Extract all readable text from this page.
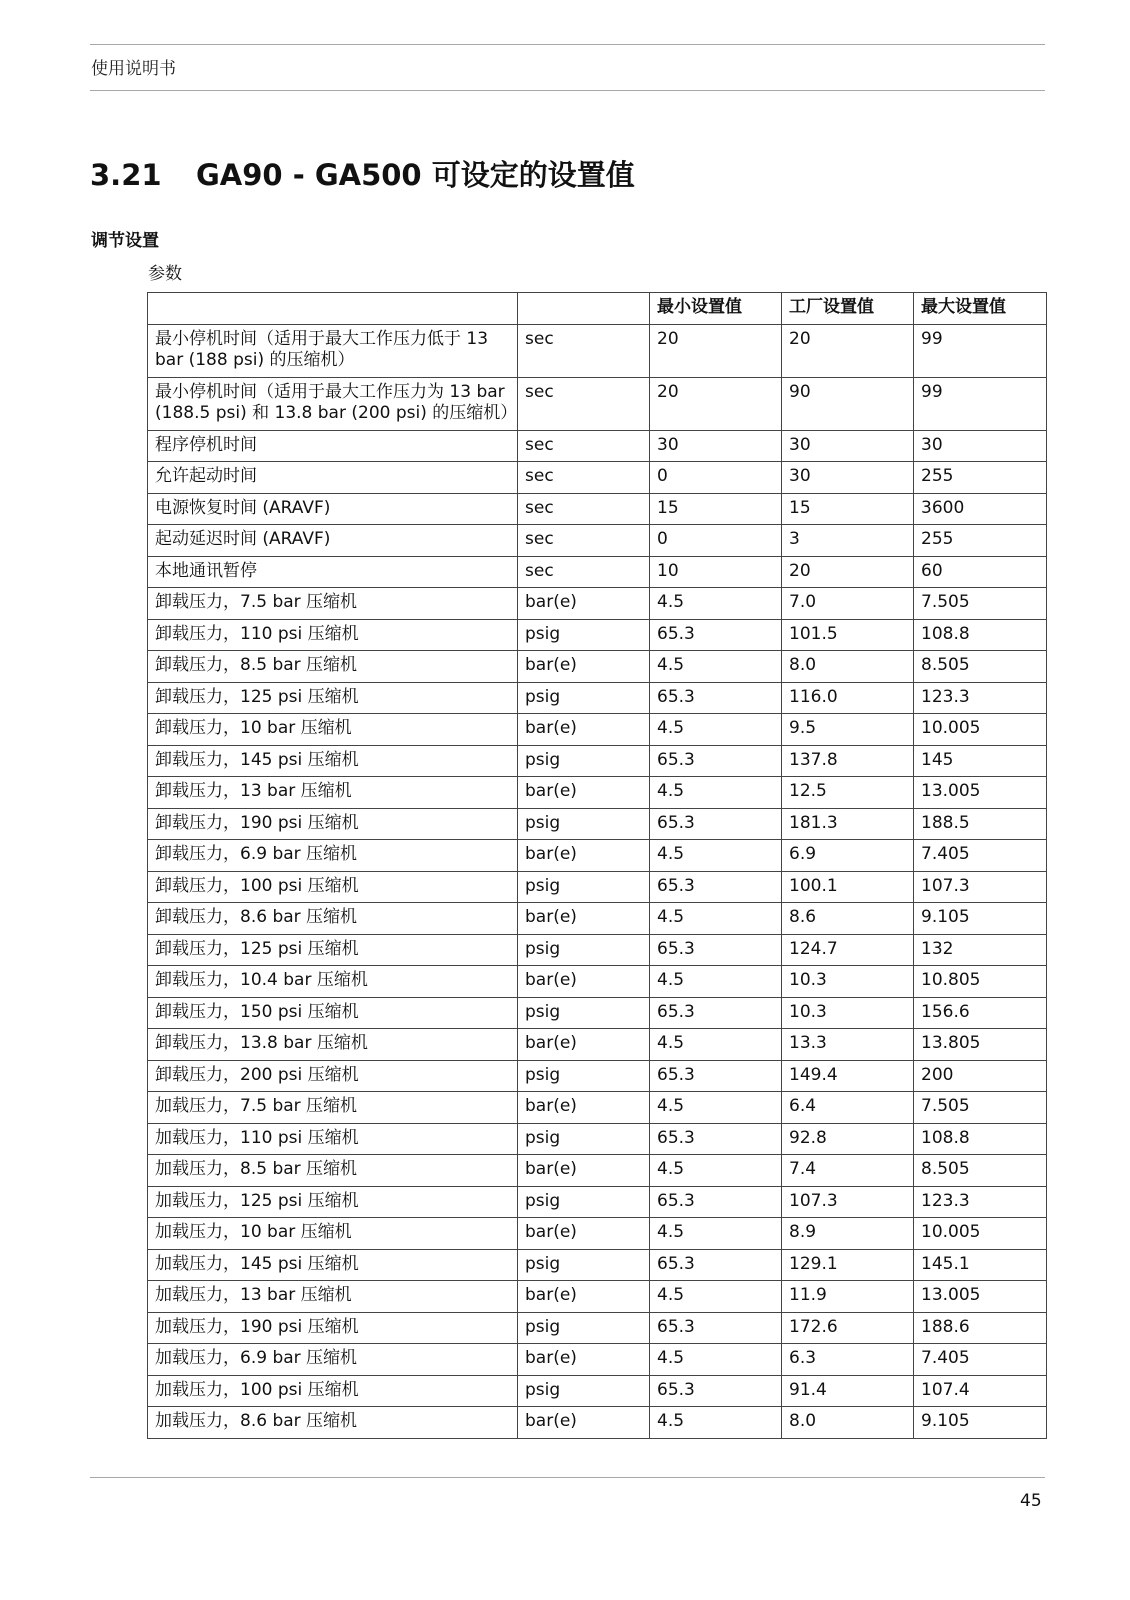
使用说明书
3.21 GA90 - GA500 可设定的设置值
调节设置
参数
		最小设置值	工厂设置值	最大设置值
最小停机时间（适用于最大工作压力低于 13 bar (188 psi) 的压缩机）	sec	20	20	99
最小停机时间（适用于最大工作压力为 13 bar (188.5 psi) 和 13.8 bar (200 psi) 的压缩机）	sec	20	90	99
程序停机时间	sec	30	30	30
允许起动时间	sec	0	30	255
电源恢复时间 (ARAVF)	sec	15	15	3600
起动延迟时间 (ARAVF)	sec	0	3	255
本地通讯暂停	sec	10	20	60
卸载压力，7.5 bar 压缩机	bar(e)	4.5	7.0	7.505
卸载压力，110 psi 压缩机	psig	65.3	101.5	108.8
卸载压力，8.5 bar 压缩机	bar(e)	4.5	8.0	8.505
卸载压力，125 psi 压缩机	psig	65.3	116.0	123.3
卸载压力，10 bar 压缩机	bar(e)	4.5	9.5	10.005
卸载压力，145 psi 压缩机	psig	65.3	137.8	145
卸载压力，13 bar 压缩机	bar(e)	4.5	12.5	13.005
卸载压力，190 psi 压缩机	psig	65.3	181.3	188.5
卸载压力，6.9 bar 压缩机	bar(e)	4.5	6.9	7.405
卸载压力，100 psi 压缩机	psig	65.3	100.1	107.3
卸载压力，8.6 bar 压缩机	bar(e)	4.5	8.6	9.105
卸载压力，125 psi 压缩机	psig	65.3	124.7	132
卸载压力，10.4 bar 压缩机	bar(e)	4.5	10.3	10.805
卸载压力，150 psi 压缩机	psig	65.3	10.3	156.6
卸载压力，13.8 bar 压缩机	bar(e)	4.5	13.3	13.805
卸载压力，200 psi 压缩机	psig	65.3	149.4	200
加载压力，7.5 bar 压缩机	bar(e)	4.5	6.4	7.505
加载压力，110 psi 压缩机	psig	65.3	92.8	108.8
加载压力，8.5 bar 压缩机	bar(e)	4.5	7.4	8.505
加载压力，125 psi 压缩机	psig	65.3	107.3	123.3
加载压力，10 bar 压缩机	bar(e)	4.5	8.9	10.005
加载压力，145 psi 压缩机	psig	65.3	129.1	145.1
加载压力，13 bar 压缩机	bar(e)	4.5	11.9	13.005
加载压力，190 psi 压缩机	psig	65.3	172.6	188.6
加载压力，6.9 bar 压缩机	bar(e)	4.5	6.3	7.405
加载压力，100 psi 压缩机	psig	65.3	91.4	107.4
加载压力，8.6 bar 压缩机	bar(e)	4.5	8.0	9.105
45
